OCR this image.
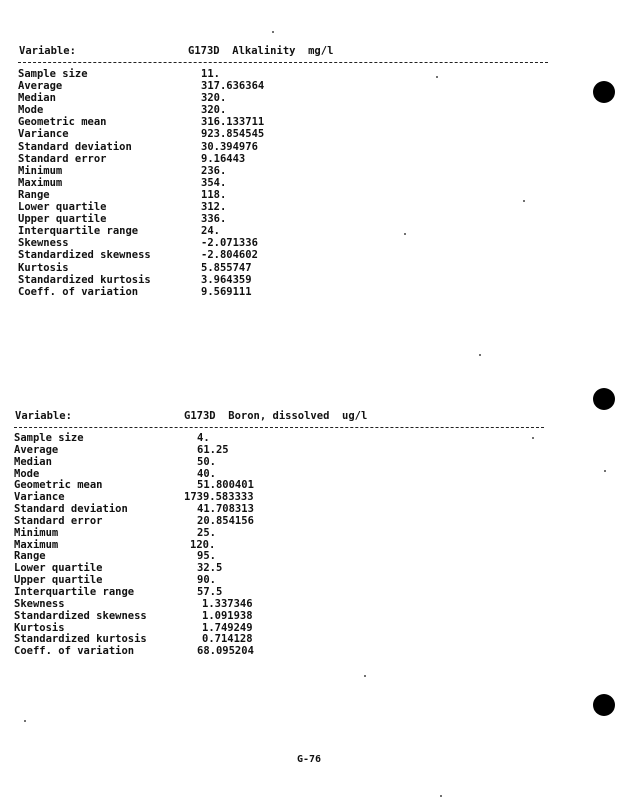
Variable:	G173D  Alkalinity  mg/l
Sample size	11.
Average	317.636364
Median	320.
Mode	320.
Geometric mean	316.133711
Variance	923.854545
Standard deviation	30.394976
Standard error	9.16443
Minimum	236.
Maximum	354.
Range	118.
Lower quartile	312.
Upper quartile	336.
Interquartile range	24.
Skewness	-2.071336
Standardized skewness	-2.804602
Kurtosis	5.855747
Standardized kurtosis	3.964359
Coeff. of variation	9.569111
Variable:	G173D  Boron, dissolved  ug/l
Sample size	4.
Average	61.25
Median	50.
Mode	40.
Geometric mean	51.800401
Variance	1739.583333
Standard deviation	41.708313
Standard error	20.854156
Minimum	25.
Maximum	120.
Range	95.
Lower quartile	32.5
Upper quartile	90.
Interquartile range	57.5
Skewness	1.337346
Standardized skewness	1.091938
Kurtosis	1.749249
Standardized kurtosis	0.714128
Coeff. of variation	68.095204
G-76
